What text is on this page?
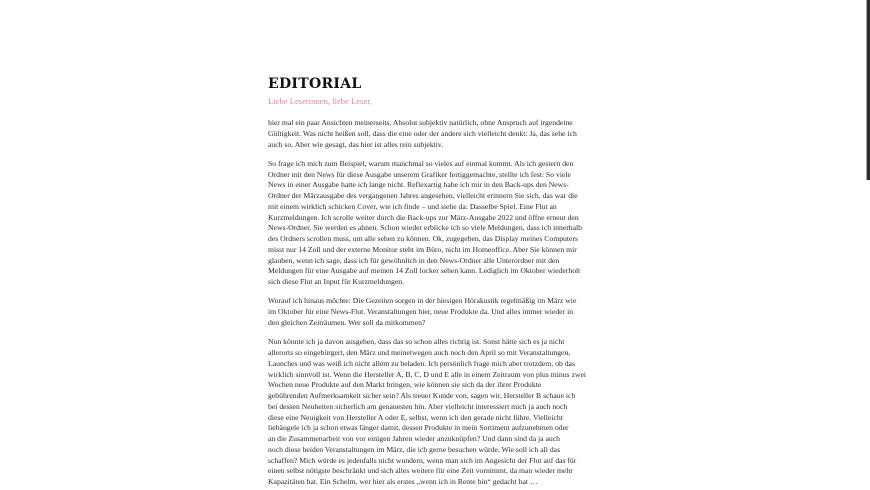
EDITORIAL
Liebe Leserinnen, liebe Leser,
hier mal ein paar Ansichten meinerseits. Absolut subjektiv natürlich, ohne Anspruch auf irgendeine
Gültigkeit. Was nicht heißen soll, dass die eine oder der andere sich vielleicht denkt: Ja, das sehe ich
auch so. Aber wie gesagt, das hier ist alles rein subjektiv.
So frage ich mich zum Beispiel, warum manchmal so vieles auf einmal kommt. Als ich gestern den
Ordner mit den News für diese Ausgabe unserem Grafiker fertiggemachte, stellte ich fest: So viele
News in einer Ausgabe hatte ich lange nicht. Reflexartig habe ich mir in den Back-ups den News-
Ordner der Märzausgabe des vergangenen Jahres angesehen, vielleicht erinnern Sie sich, das war die
mit einem wirklich schicken Cover, wie ich finde – und siehe da: Dasselbe Spiel. Eine Flut an
Kurzmeldungen. Ich scrolle weiter durch die Back-ups zur März-Ausgabe 2022 und öffne erneut den
News-Ordner. Sie werden es ahnen. Schon wieder erblicke ich so viele Meldungen, dass ich innerhalb
des Ordners scrollen muss, um alle sehen zu können. Ok, zugegeben, das Display meines Computers
misst nur 14 Zoll und der externe Monitor steht im Büro, nicht im Homeoffice. Aber Sie können mir
glauben, wenn ich sage, dass ich für gewöhnlich in den News-Ordner alle Unterordner mit den
Meldungen für eine Ausgabe auf meinen 14 Zoll locker sehen kann. Lediglich im Oktober wiederholt
sich diese Flut an Input für Kurzmeldungen.
Worauf ich hinaus möchte: Die Gezeiten sorgen in der hiesigen Hörakustik regelmäßig im März wie
im Oktober für eine News-Flut. Veranstaltungen hier, neue Produkte da. Und alles immer wieder in
den gleichen Zeiträumen. Wer soll da mitkommen?
Nun könnte ich ja davon ausgehen, dass das so schon alles richtig ist. Sonst hätte sich es ja nicht
allerorts so eingebürgert, den März und meinetwegen auch noch den April so mit Veranstaltungen,
Launches und was weiß ich nicht allem zu beladen. Ich persönlich frage mich aber trotzdem, ob das
wirklich sinnvoll ist. Wenn die Hersteller A, B, C, D und E alle in einem Zeitraum von plus minus zwei
Wochen neue Produkte auf den Markt bringen, wie können sie sich da der ihrer Produkte
gebührenden Aufmerksamkeit sicher sein? Als treuer Kunde von, sagen wir, Hersteller B schaue ich
bei dessen Neuheiten sicherlich am genauesten hin. Aber vielleicht interessiert mich ja auch noch
diese eine Neuigkeit von Hersteller A oder E, selbst, wenn ich den gerade nicht führe. Vielleicht
liebäugele ich ja schon etwas länger damit, dessen Produkte in mein Sortiment aufzunehmen oder
an die Zusammenarbeit von vor einigen Jahren wieder anzuknüpfen? Und dann sind da ja auch
noch diese beiden Veranstaltungen im März, die ich gerne besuchen würde. Wie soll ich all das
schaffen? Mich würde es jedenfalls nicht wundern, wenn man sich im Angesicht der Flut auf das für
einen selbst nötigste beschränkt und sich alles weitere für eine Zeit vornimmt, da man wieder mehr
Kapazitäten hat. Ein Schelm, wer hier als erstes „wenn ich in Rente bin“ gedacht hat …
